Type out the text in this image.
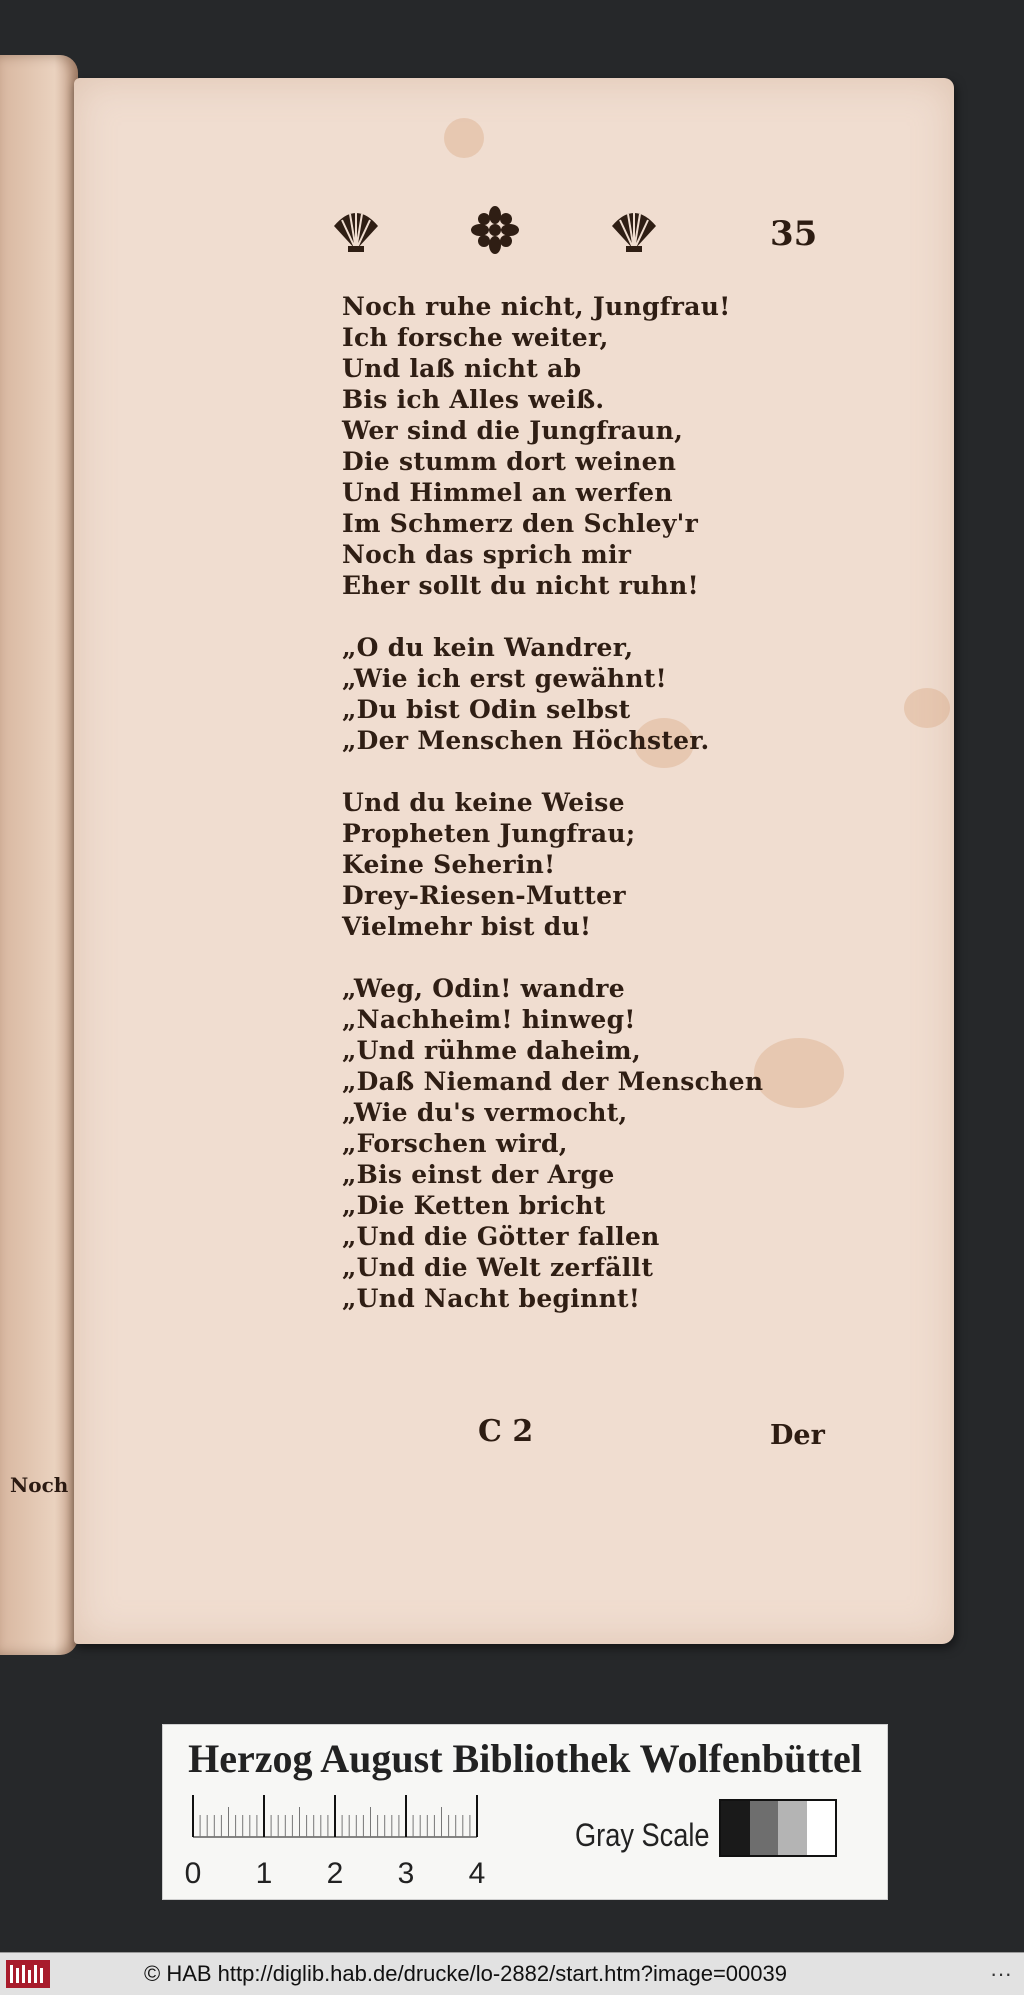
Noch
35
Noch ruhe nicht, Jungfrau!
Ich forsche weiter,
Und laß nicht ab
Bis ich Alles weiß.
Wer sind die Jungfraun,
Die stumm dort weinen
Und Himmel an werfen
Im Schmerz den Schley'r
Noch das sprich mir
Eher sollt du nicht ruhn!
„O du kein Wandrer,
„Wie ich erst gewähnt!
„Du bist Odin selbst
„Der Menschen Höchster.
Und du keine Weise
Propheten Jungfrau;
Keine Seherin!
Drey-Riesen-Mutter
Vielmehr bist du!
„Weg, Odin! wandre
„Nachheim! hinweg!
„Und rühme daheim,
„Daß Niemand der Menschen
„Wie du's vermocht,
„Forschen wird,
„Bis einst der Arge
„Die Ketten bricht
„Und die Götter fallen
„Und die Welt zerfällt
„Und Nacht beginnt!
C 2	Der
Herzog August Bibliothek Wolfenbüttel
0 1 2 3 4
Gray Scale
© HAB http://diglib.hab.de/drucke/lo-2882/start.htm?image=00039	···
